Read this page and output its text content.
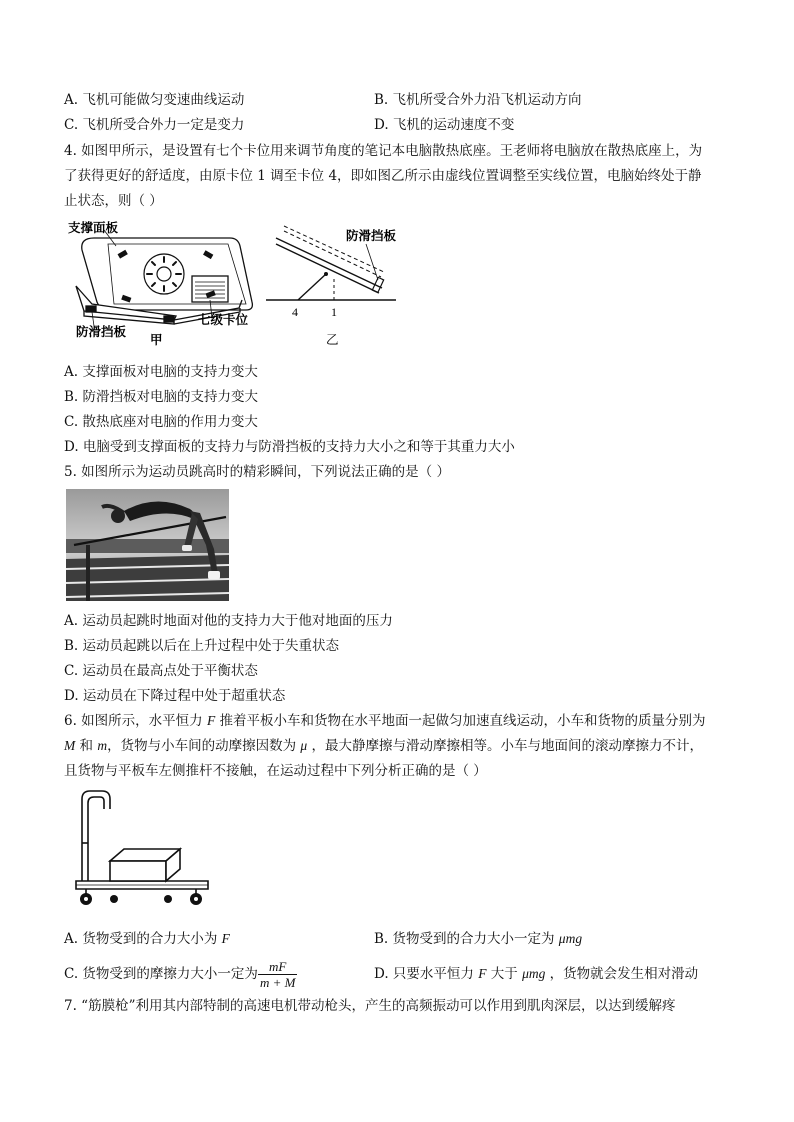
A. 飞机可能做匀变速曲线运动	B. 飞机所受合外力沿飞机运动方向
C. 飞机所受合外力一定是变力	D. 飞机的运动速度不变
4. 如图甲所示，是设置有七个卡位用来调节角度的笔记本电脑散热底座。王老师将电脑放在散热底座上，为
了获得更好的舒适度，由原卡位 1 调至卡位 4，即如图乙所示由虚线位置调整至实线位置，电脑始终处于静
止状态，则（ ）
支撑面板
防滑挡板
七级卡位
甲
防滑挡板
4	1
乙
A. 支撑面板对电脑的支持力变大
B. 防滑挡板对电脑的支持力变大
C. 散热底座对电脑的作用力变大
D. 电脑受到支撑面板的支持力与防滑挡板的支持力大小之和等于其重力大小
5. 如图所示为运动员跳高时的精彩瞬间，下列说法正确的是（ ）
A. 运动员起跳时地面对他的支持力大于他对地面的压力
B. 运动员起跳以后在上升过程中处于失重状态
C. 运动员在最高点处于平衡状态
D. 运动员在下降过程中处于超重状态
6. 如图所示，水平恒力 F 推着平板小车和货物在水平地面一起做匀加速直线运动，小车和货物的质量分别为
M 和 m，货物与小车间的动摩擦因数为 μ ，最大静摩擦与滑动摩擦相等。小车与地面间的滚动摩擦力不计，
且货物与平板车左侧推杆不接触，在运动过程中下列分析正确的是（ ）
A. 货物受到的合力大小为 F	B. 货物受到的合力大小一定为 μmg
C. 货物受到的摩擦力大小一定为 $\frac{mF}{m + M}$	D. 只要水平恒力 F 大于 μmg ，货物就会发生相对滑动
7. “筋膜枪”利用其内部特制的高速电机带动枪头，产生的高频振动可以作用到肌肉深层，以达到缓解疼
